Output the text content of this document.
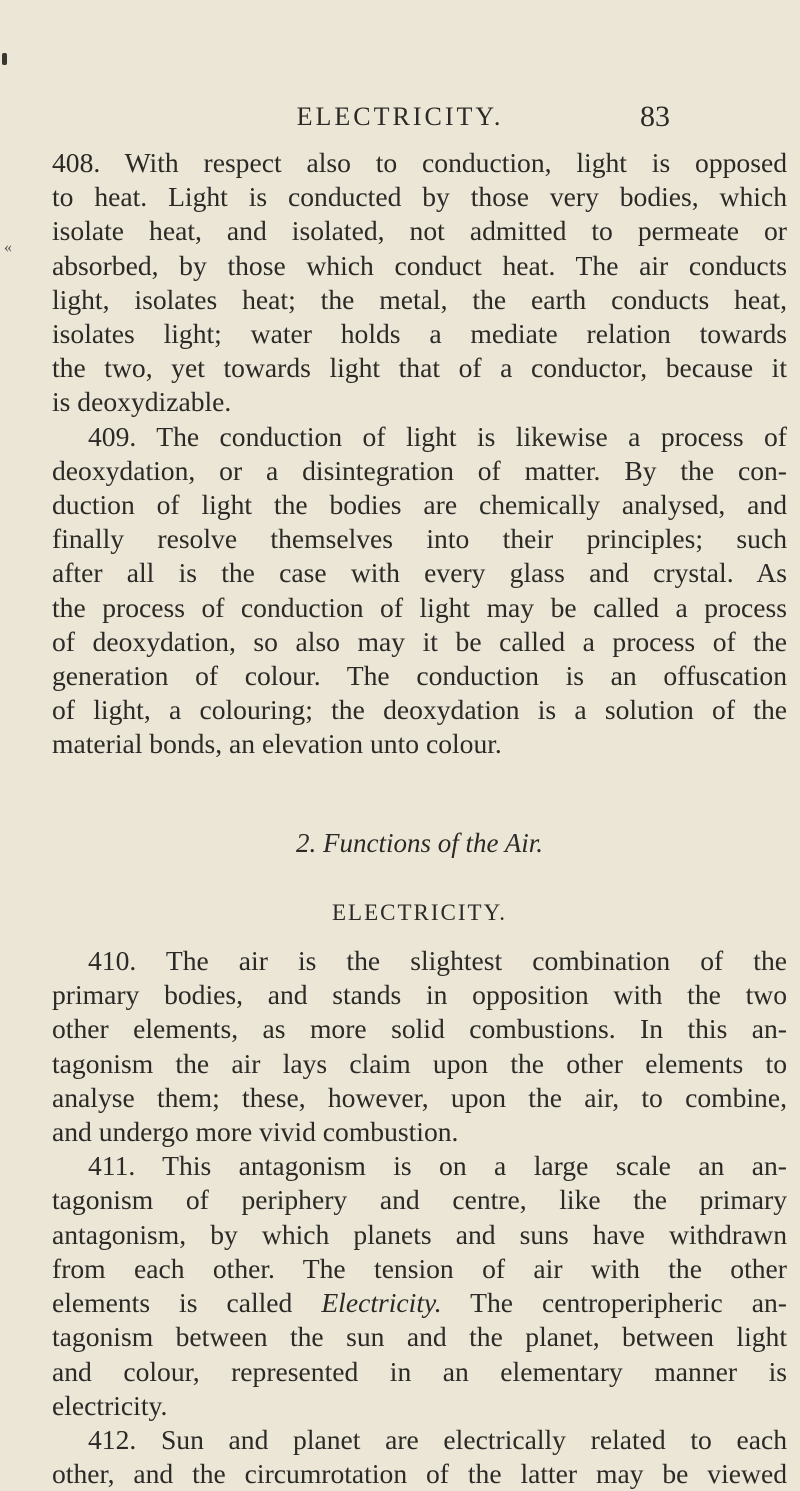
ELECTRICITY.	83
«
408. With respect also to conduction, light is opposed
to heat. Light is conducted by those very bodies, which
isolate heat, and isolated, not admitted to permeate or
absorbed, by those which conduct heat. The air conducts
light, isolates heat; the metal, the earth conducts heat,
isolates light; water holds a mediate relation towards
the two, yet towards light that of a conductor, because it
is deoxydizable.
409. The conduction of light is likewise a process of
deoxydation, or a disintegration of matter. By the con-
duction of light the bodies are chemically analysed, and
finally resolve themselves into their principles; such
after all is the case with every glass and crystal. As
the process of conduction of light may be called a process
of deoxydation, so also may it be called a process of the
generation of colour. The conduction is an offuscation
of light, a colouring; the deoxydation is a solution of the
material bonds, an elevation unto colour.
2. Functions of the Air.
ELECTRICITY.
410. The air is the slightest combination of the
primary bodies, and stands in opposition with the two
other elements, as more solid combustions. In this an-
tagonism the air lays claim upon the other elements to
analyse them; these, however, upon the air, to combine,
and undergo more vivid combustion.
411. This antagonism is on a large scale an an-
tagonism of periphery and centre, like the primary
antagonism, by which planets and suns have withdrawn
from each other. The tension of air with the other
elements is called Electricity. The centroperipheric an-
tagonism between the sun and the planet, between light
and colour, represented in an elementary manner is
electricity.
412. Sun and planet are electrically related to each
other, and the circumrotation of the latter may be viewed
